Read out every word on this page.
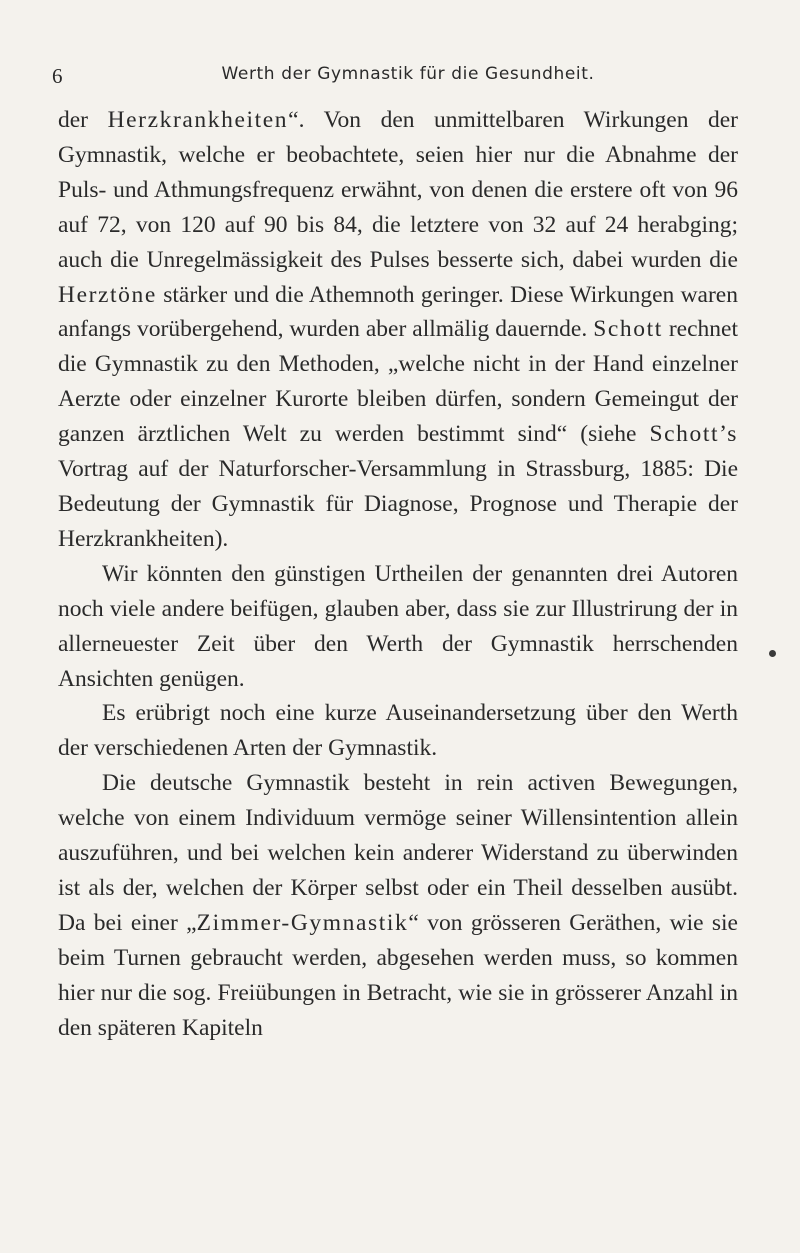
6	Werth der Gymnastik für die Gesundheit.

der Herzkrankheiten“. Von den unmittelbaren Wirkungen der Gymnastik, welche er beobachtete, seien hier nur die Abnahme der Puls- und Athmungsfrequenz erwähnt, von denen die erstere oft von 96 auf 72, von 120 auf 90 bis 84, die letztere von 32 auf 24 herabging; auch die Unregelmässigkeit des Pulses besserte sich, dabei wurden die Herztöne stärker und die Athemnoth geringer. Diese Wirkungen waren anfangs vorübergehend, wurden aber allmälig dauernde. Schott rechnet die Gymnastik zu den Methoden, „welche nicht in der Hand einzelner Aerzte oder einzelner Kurorte bleiben dürfen, sondern Gemeingut der ganzen ärztlichen Welt zu werden bestimmt sind“ (siehe Schott’s Vortrag auf der Naturforscher-Versammlung in Strassburg, 1885: Die Bedeutung der Gymnastik für Diagnose, Prognose und Therapie der Herzkrankheiten).

Wir könnten den günstigen Urtheilen der genannten drei Autoren noch viele andere beifügen, glauben aber, dass sie zur Illustrirung der in allerneuester Zeit über den Werth der Gymnastik herrschenden Ansichten genügen.

Es erübrigt noch eine kurze Auseinandersetzung über den Werth der verschiedenen Arten der Gymnastik.

Die deutsche Gymnastik besteht in rein activen Bewegungen, welche von einem Individuum vermöge seiner Willensintention allein auszuführen, und bei welchen kein anderer Widerstand zu überwinden ist als der, welchen der Körper selbst oder ein Theil desselben ausübt. Da bei einer „Zimmer-Gymnastik“ von grösseren Geräthen, wie sie beim Turnen gebraucht werden, abgesehen werden muss, so kommen hier nur die sog. Freiübungen in Betracht, wie sie in grösserer Anzahl in den späteren Kapiteln
